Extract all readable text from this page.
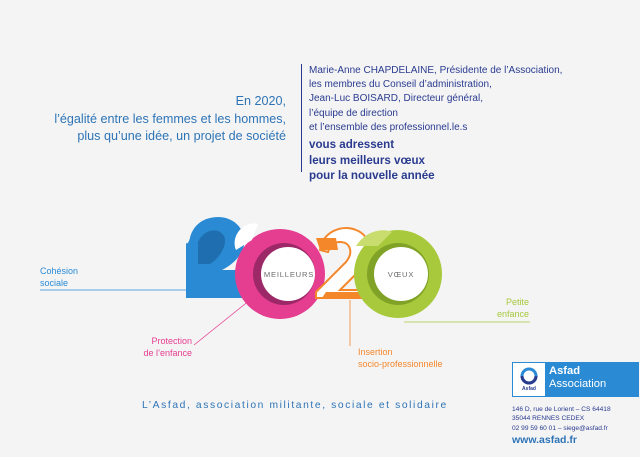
En 2020,
l’égalité entre les femmes et les hommes,
plus qu’une idée, un projet de société
Marie-Anne CHAPDELAINE, Présidente de l’Association,
les membres du Conseil d’administration,
Jean-Luc BOISARD, Directeur général,
l’équipe de direction
et l’ensemble des professionnel.le.s
vous adressent
leurs meilleurs vœux
pour la nouvelle année
MEILLEURS	VŒUX
Cohésion
sociale
Protection
de l’enfance	Insertion
socio-professionnelle
Petite
enfance
L’Asfad, association militante, sociale et solidaire
Asfad
Asfad
Association
146 D, rue de Lorient – CS 64418
35044 RENNES CEDEX
02 99 59 60 01 – siege@asfad.fr
www.asfad.fr
